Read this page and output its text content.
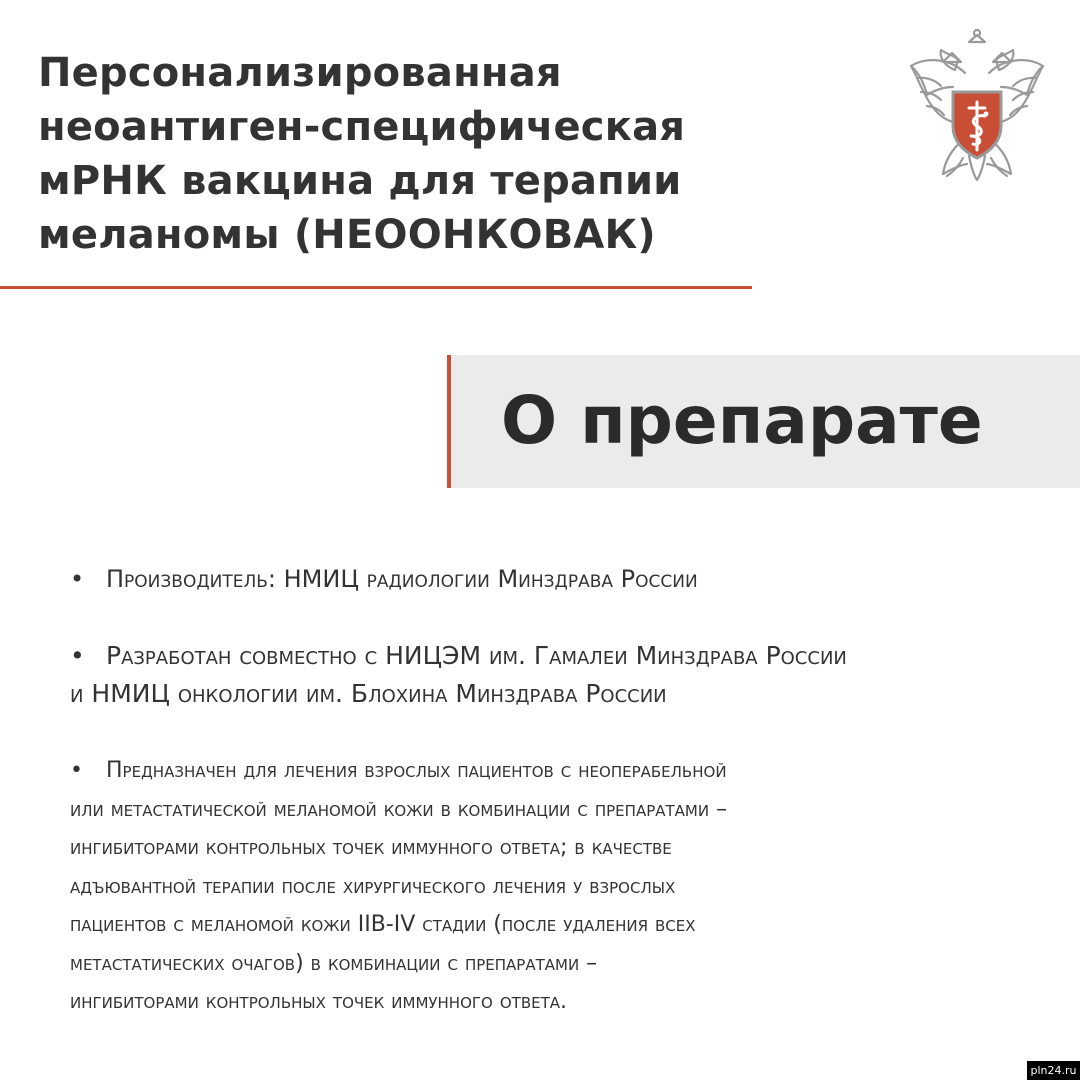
Персонализированная
неоантиген-специфическая
мРНК вакцина для терапии
меланомы (НЕООНКОВАК)
О препарате
• Производитель: НМИЦ радиологии Минздрава России
• Разработан совместно с НИЦЭМ им. Гамалеи Минздрава России
и НМИЦ онкологии им. Блохина Минздрава России
• Предназначен для лечения взрослых пациентов с неоперабельной
или метастатической меланомой кожи в комбинации с препаратами –
ингибиторами контрольных точек иммунного ответа; в качестве
адъювантной терапии после хирургического лечения у взрослых
пациентов с меланомой кожи IIB-IV стадии (после удаления всех
метастатических очагов) в комбинации с препаратами –
ингибиторами контрольных точек иммунного ответа.
pln24.ru
